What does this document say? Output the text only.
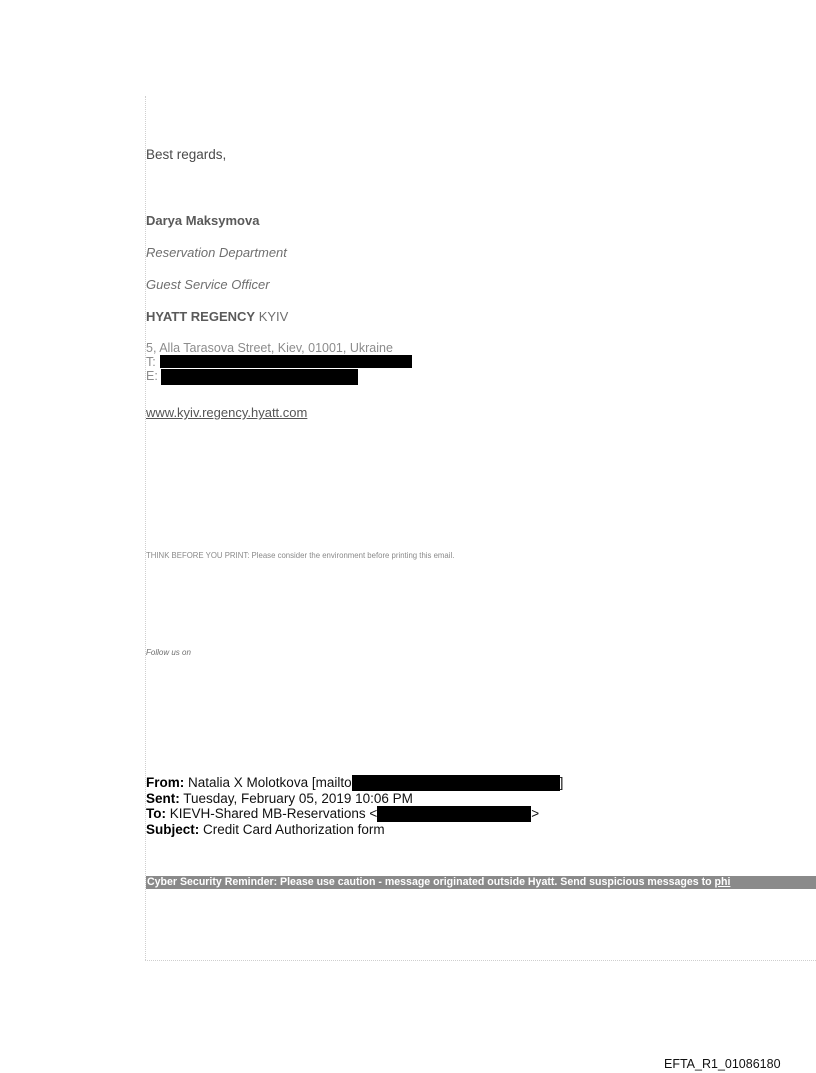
Best regards,
Darya Maksymova
Reservation Department
Guest Service Officer
HYATT REGENCY KYIV
5, Alla Tarasova Street, Kiev, 01001, Ukraine
T:
E:
www.kyiv.regency.hyatt.com
THINK BEFORE YOU PRINT: Please consider the environment before printing this email.
Follow us on
From: Natalia X Molotkova [mailto	]
Sent: Tuesday, February 05, 2019 10:06 PM
To: KIEVH-Shared MB-Reservations <	>
Subject: Credit Card Authorization form
Cyber Security Reminder: Please use caution - message originated outside Hyatt. Send suspicious messages to phi
EFTA_R1_01086180
